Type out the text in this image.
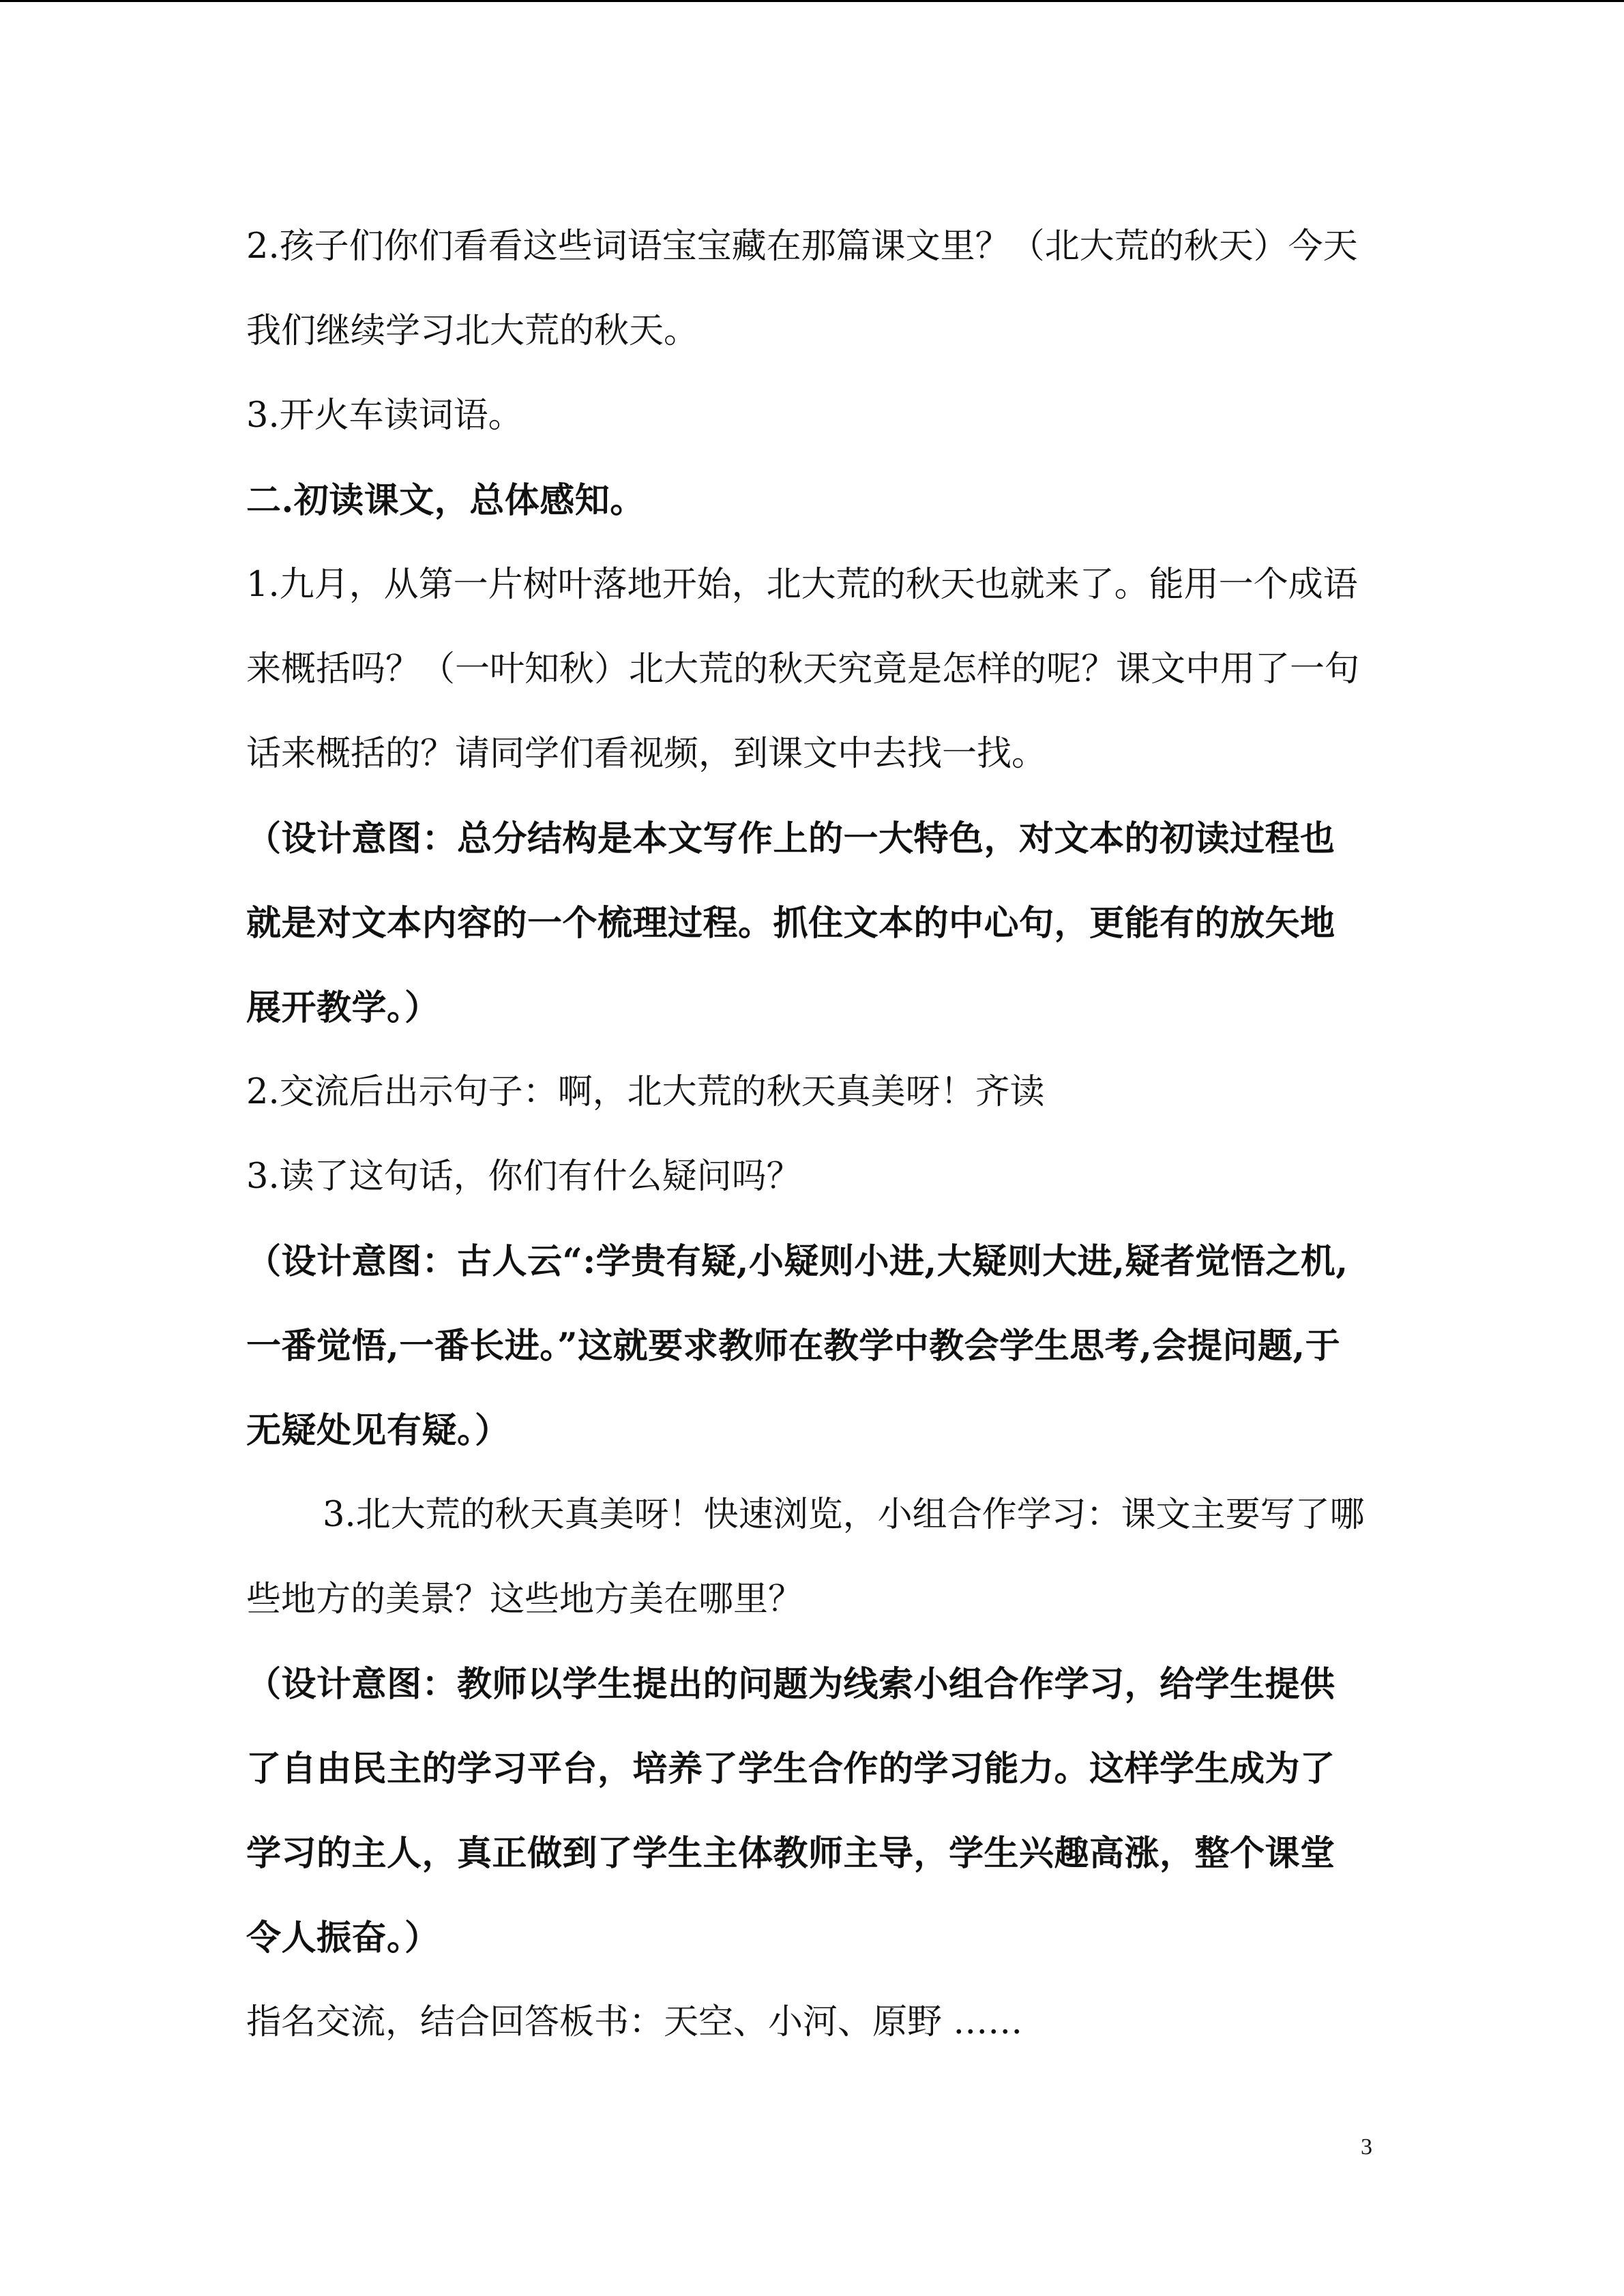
2.孩子们你们看看这些词语宝宝藏在那篇课文里？（北大荒的秋天）今天我们继续学习北大荒的秋天。

3.开火车读词语。

二.初读课文，总体感知。

1.九月，从第一片树叶落地开始，北大荒的秋天也就来了。能用一个成语来概括吗？（一叶知秋）北大荒的秋天究竟是怎样的呢？课文中用了一句话来概括的？请同学们看视频，到课文中去找一找。

（设计意图：总分结构是本文写作上的一大特色，对文本的初读过程也就是对文本内容的一个梳理过程。抓住文本的中心句，更能有的放矢地展开教学。）

2.交流后出示句子：啊，北大荒的秋天真美呀！齐读

3.读了这句话，你们有什么疑问吗？

（设计意图：古人云“:学贵有疑,小疑则小进,大疑则大进,疑者觉悟之机,一番觉悟,一番长进。”这就要求教师在教学中教会学生思考,会提问题,于无疑处见有疑。）

3.北大荒的秋天真美呀！快速浏览，小组合作学习：课文主要写了哪些地方的美景？这些地方美在哪里？

（设计意图：教师以学生提出的问题为线索小组合作学习，给学生提供了自由民主的学习平台，培养了学生合作的学习能力。这样学生成为了学习的主人，真正做到了学生主体教师主导，学生兴趣高涨，整个课堂令人振奋。）

指名交流，结合回答板书：天空、小河、原野 ……

3
